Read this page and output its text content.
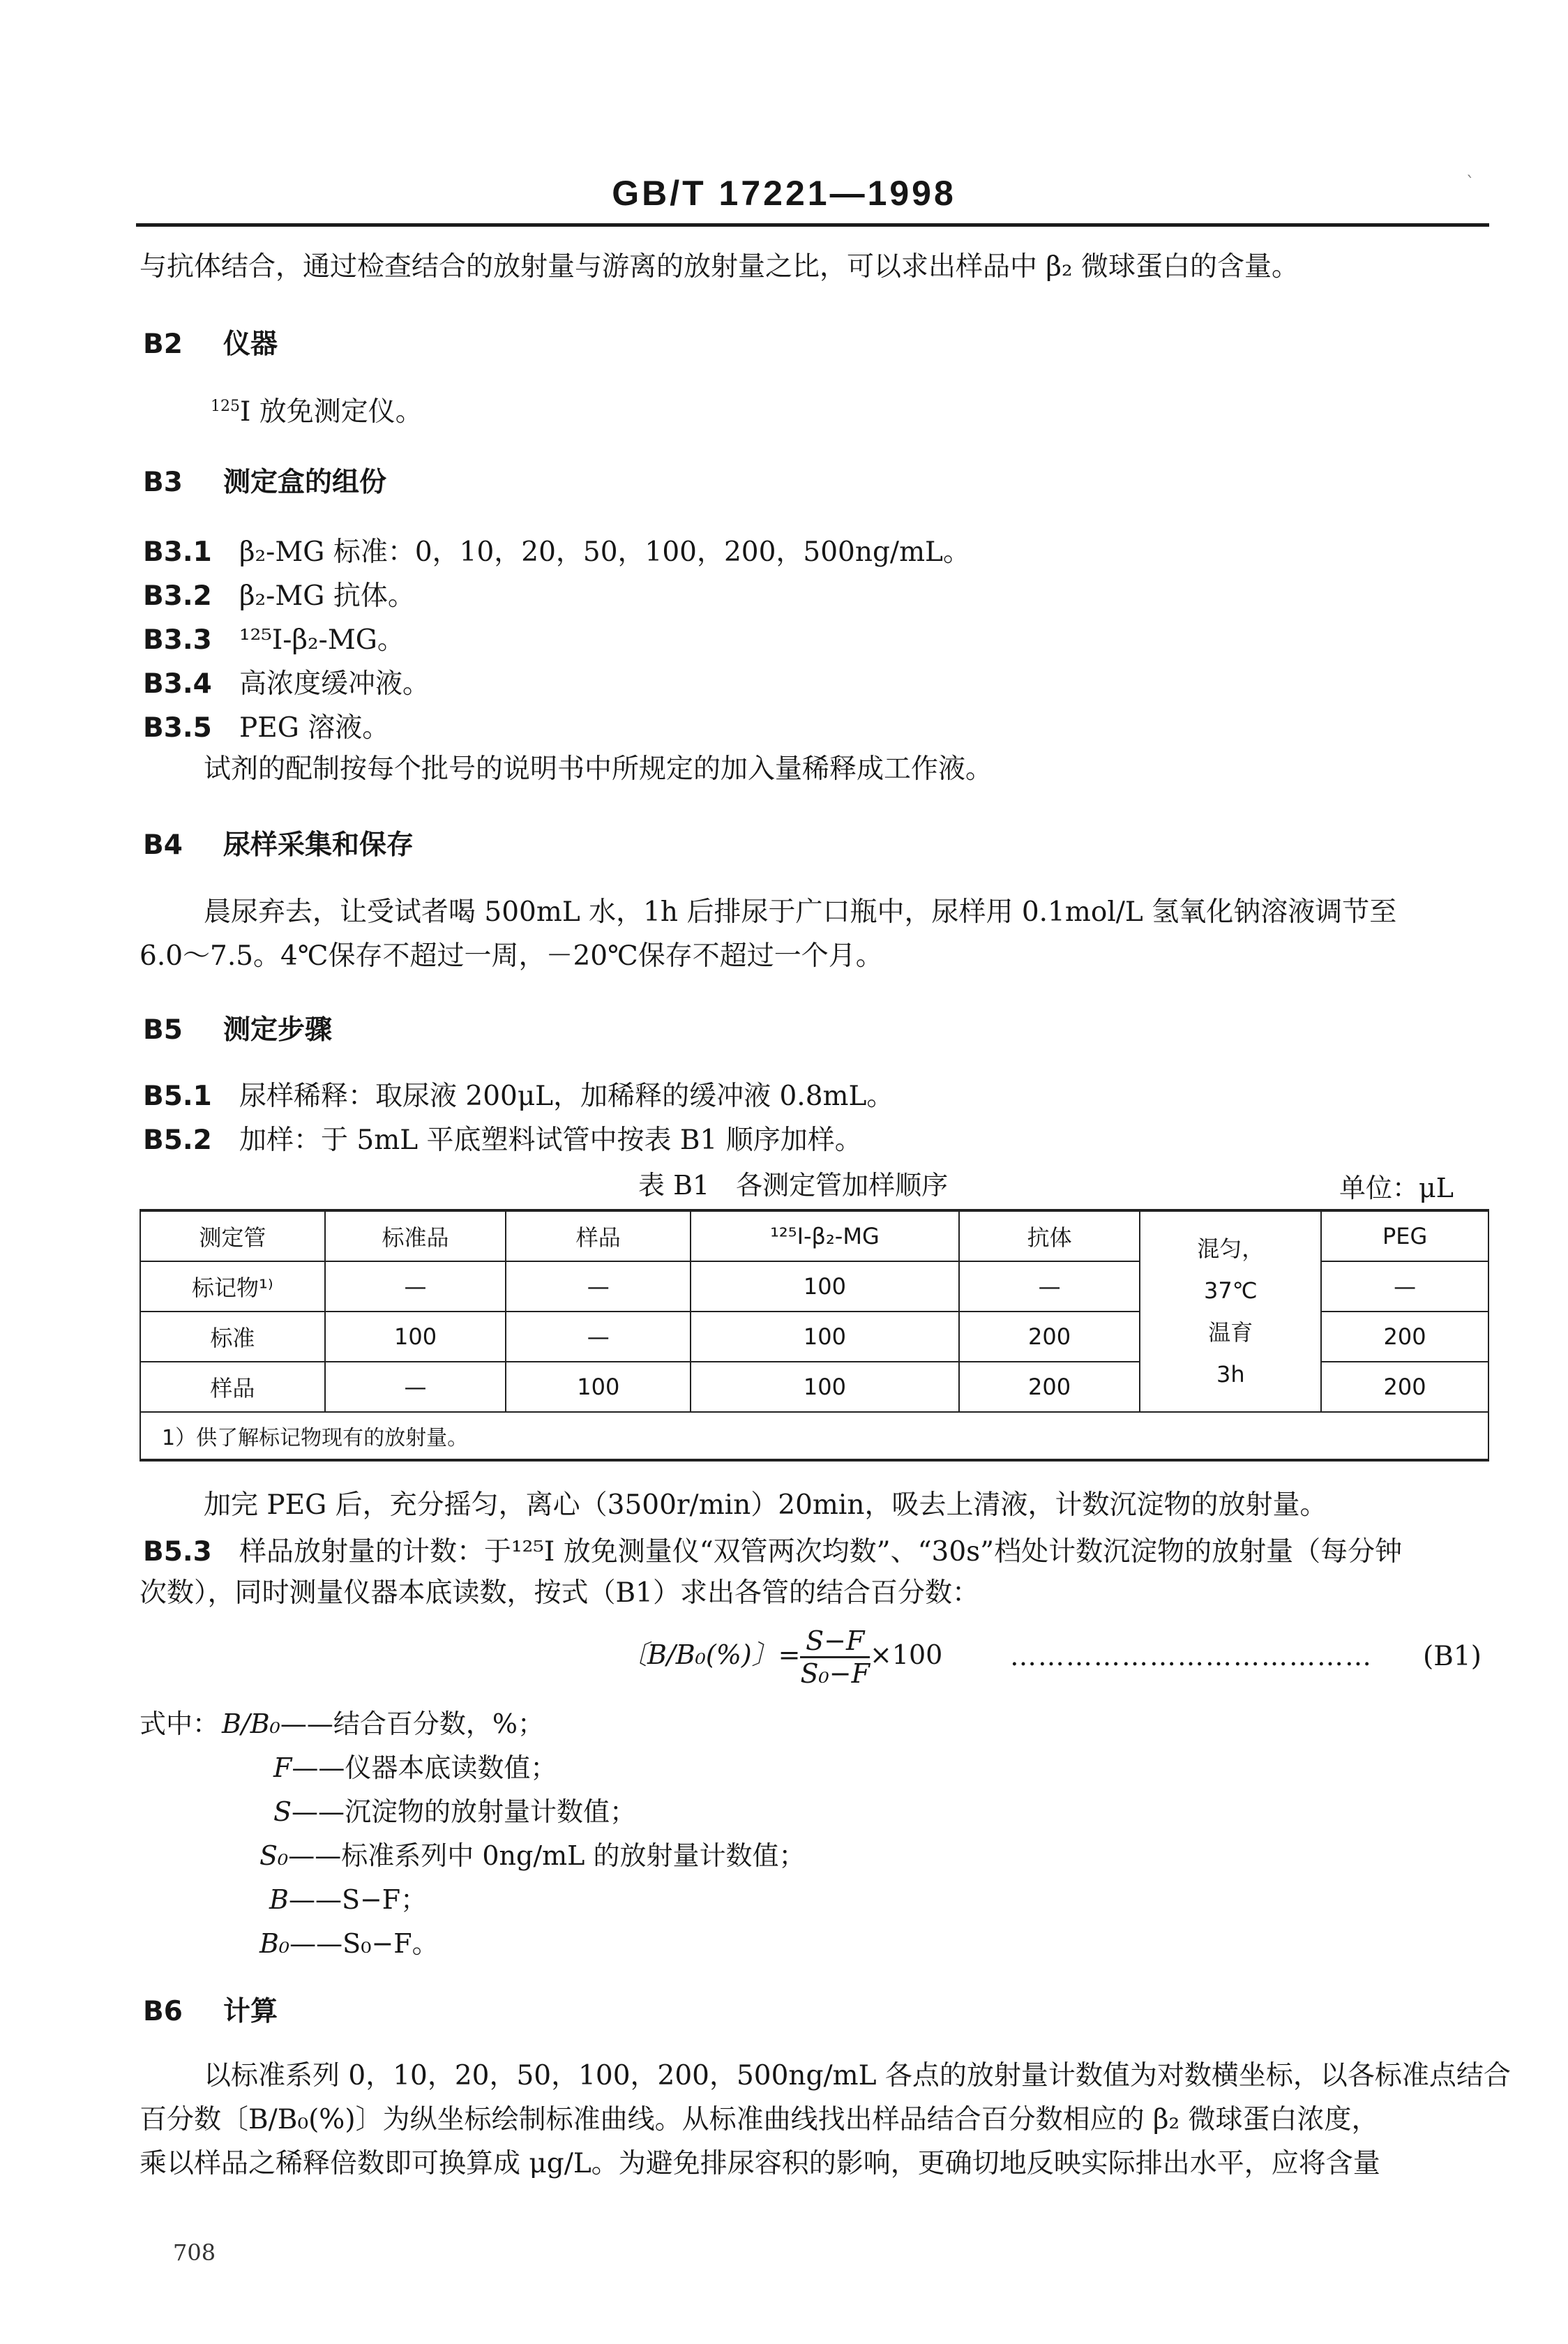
GB/T 17221—1998	`
与抗体结合，通过检查结合的放射量与游离的放射量之比，可以求出样品中 β₂ 微球蛋白的含量。
B2 仪器
$^{125}$I 放免测定仪。
B3 测定盒的组份
B3.1 β₂-MG 标准：0，10，20，50，100，200，500ng/mL。
B3.2 β₂-MG 抗体。
B3.3 ¹²⁵I-β₂-MG。
B3.4 高浓度缓冲液。
B3.5 PEG 溶液。
试剂的配制按每个批号的说明书中所规定的加入量稀释成工作液。
B4 尿样采集和保存
晨尿弃去，让受试者喝 500mL 水，1h 后排尿于广口瓶中，尿样用 0.1mol/L 氢氧化钠溶液调节至
6.0～7.5。4℃保存不超过一周，－20℃保存不超过一个月。
B5 测定步骤
B5.1 尿样稀释：取尿液 200μL，加稀释的缓冲液 0.8mL。
B5.2 加样：于 5mL 平底塑料试管中按表 B1 顺序加样。
表 B1　各测定管加样顺序	单位：μL
测定管	标准品	样品	¹²⁵I-β₂-MG	抗体	混匀，
37℃
温育
3h	PEG
标记物¹⁾	—	—	100	—		—
标准	100	—	100	200		200
样品	—	100	100	200		200
1）供了解标记物现有的放射量。						
加完 PEG 后，充分摇匀，离心（3500r/min）20min，吸去上清液，计数沉淀物的放射量。
B5.3 样品放射量的计数：于¹²⁵I 放免测量仪“双管两次均数”、“30s”档处计数沉淀物的放射量（每分钟
次数），同时测量仪器本底读数，按式（B1）求出各管的结合百分数：
〔B/B₀(%)〕= $\frac{S-F}{\text{S₀−F}} \times 100$	………………………………… (B1)
式中： B/B₀——结合百分数，%；
F——仪器本底读数值；
S——沉淀物的放射量计数值；
S₀——标准系列中 0ng/mL 的放射量计数值；
B——S−F；
B₀——S₀−F。
B6 计算
以标准系列 0，10，20，50，100，200，500ng/mL 各点的放射量计数值为对数横坐标，以各标准点结合
百分数〔B/B₀(%)〕为纵坐标绘制标准曲线。从标准曲线找出样品结合百分数相应的 β₂ 微球蛋白浓度，
乘以样品之稀释倍数即可换算成 μg/L。为避免排尿容积的影响，更确切地反映实际排出水平，应将含量
708
